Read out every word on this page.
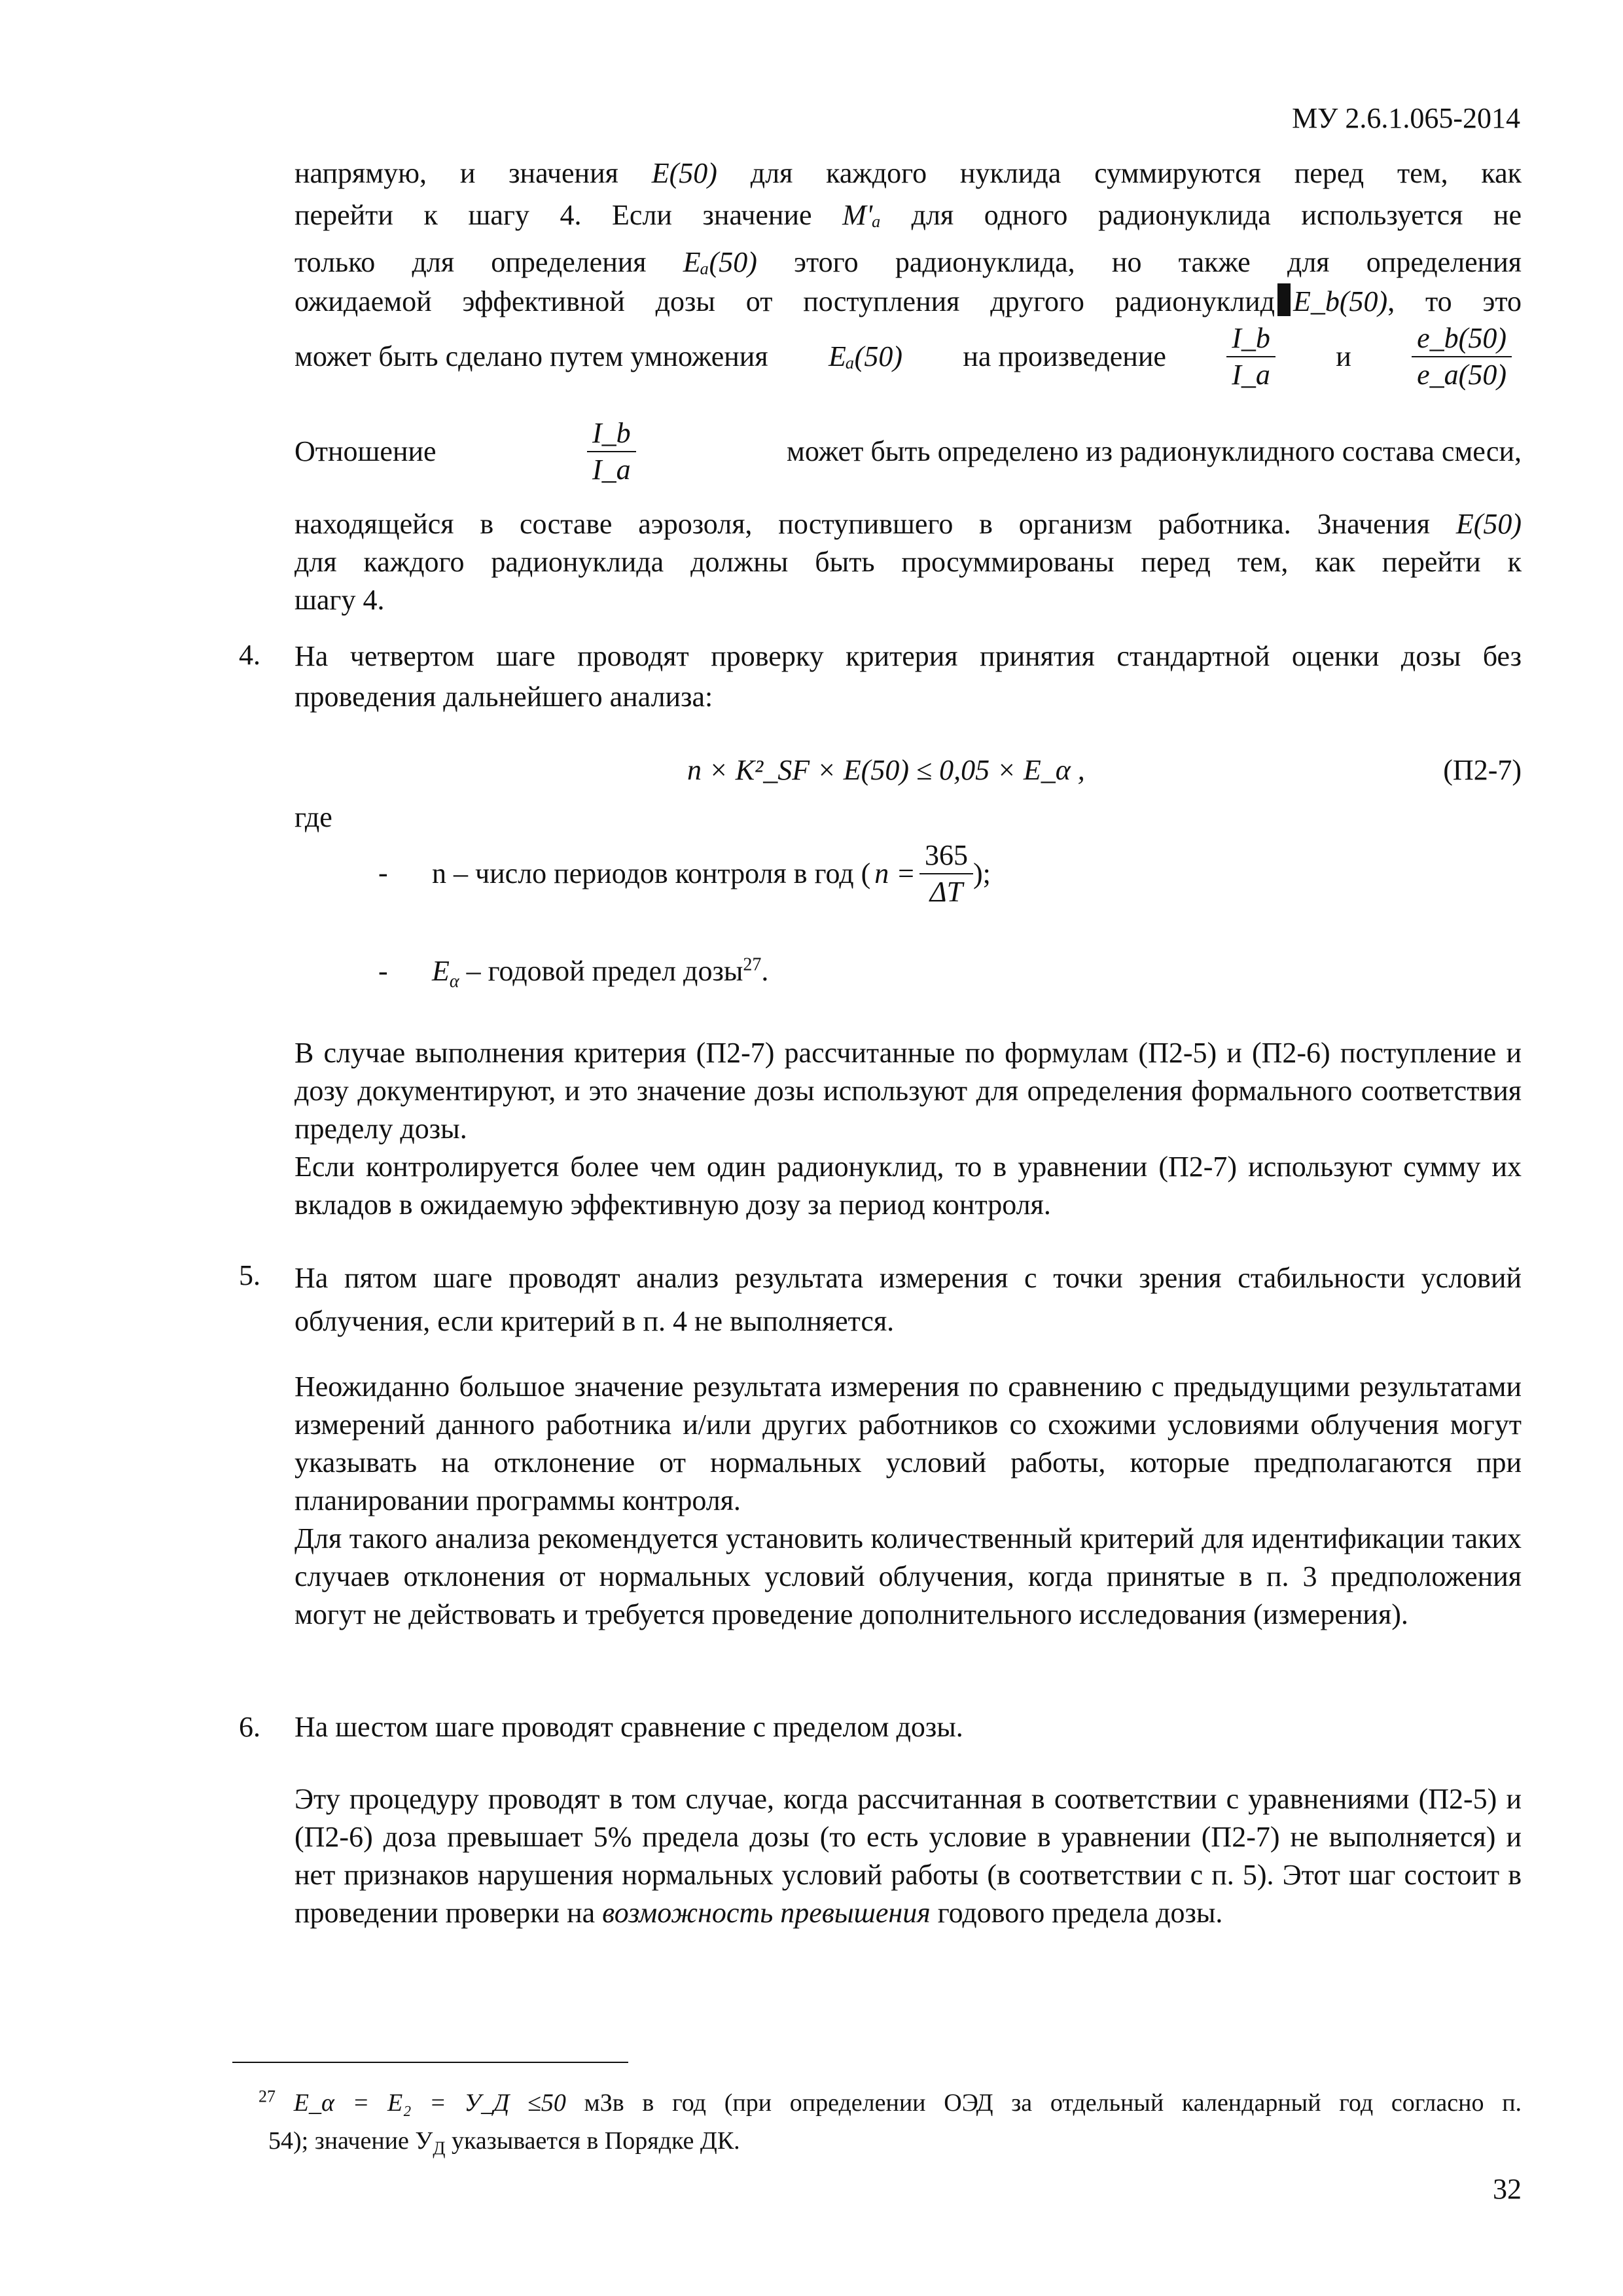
МУ 2.6.1.065-2014
напрямую, и значения E(50) для каждого нуклида суммируются перед тем, как
перейти к шагу 4. Если значение M'ₐ для одного радионуклида используется не
только для определения Eₐ(50) этого радионуклида, но также для определения
ожидаемой эффективной дозы от поступления другого радионуклид E_b(50), то это
может быть сделано путем умножения Eₐ(50) на произведение $\frac{I\_b}{I\_a}$ и $\frac{e\_b(50)}{e\_a(50)}$
Отношение	$\frac{I\_b}{I\_a}$	может быть определено из радионуклидного состава смеси,
находящейся в составе аэрозоля, поступившего в организм работника. Значения E(50)
для каждого радионуклида должны быть просуммированы перед тем, как перейти к
шагу 4.
4. На четвертом шаге проводят проверку критерия принятия стандартной оценки дозы без проведения дальнейшего анализа:
n × K²_SF × E(50) ≤ 0,05 × E_α ,	(П2-7)
где
- n – число периодов контроля в год ( $n = \frac{365}{\Delta T}$ );
- $E_\alpha$ – годовой предел дозы$^{27}$.
В случае выполнения критерия (П2-7) рассчитанные по формулам (П2-5) и (П2-6) поступление и дозу документируют, и это значение дозы используют для определения формального соответствия пределу дозы.
Если контролируется более чем один радионуклид, то в уравнении (П2-7) используют сумму их вкладов в ожидаемую эффективную дозу за период контроля.
5. На пятом шаге проводят анализ результата измерения с точки зрения стабильности условий облучения, если критерий в п. 4 не выполняется.
Неожиданно большое значение результата измерения по сравнению с предыдущими результатами измерений данного работника и/или других работников со схожими условиями облучения могут указывать на отклонение от нормальных условий работы, которые предполагаются при планировании программы контроля.
Для такого анализа рекомендуется установить количественный критерий для идентификации таких случаев отклонения от нормальных условий облучения, когда принятые в п. 3 предположения могут не действовать и требуется проведение дополнительного исследования (измерения).
6. На шестом шаге проводят сравнение с пределом дозы.
Эту процедуру проводят в том случае, когда рассчитанная в соответствии с уравнениями (П2-5) и (П2-6) доза превышает 5% предела дозы (то есть условие в уравнении (П2-7) не выполняется) и нет признаков нарушения нормальных условий работы (в соответствии с п. 5). Этот шаг состоит в проведении проверки на возможность превышения годового предела дозы.
$^{27}$ E_α = E₂ = У_Д ≤50 мЗв в год (при определении ОЭД за отдельный календарный год согласно п.
54); значение $У_Д$ указывается в Порядке ДК.
32
